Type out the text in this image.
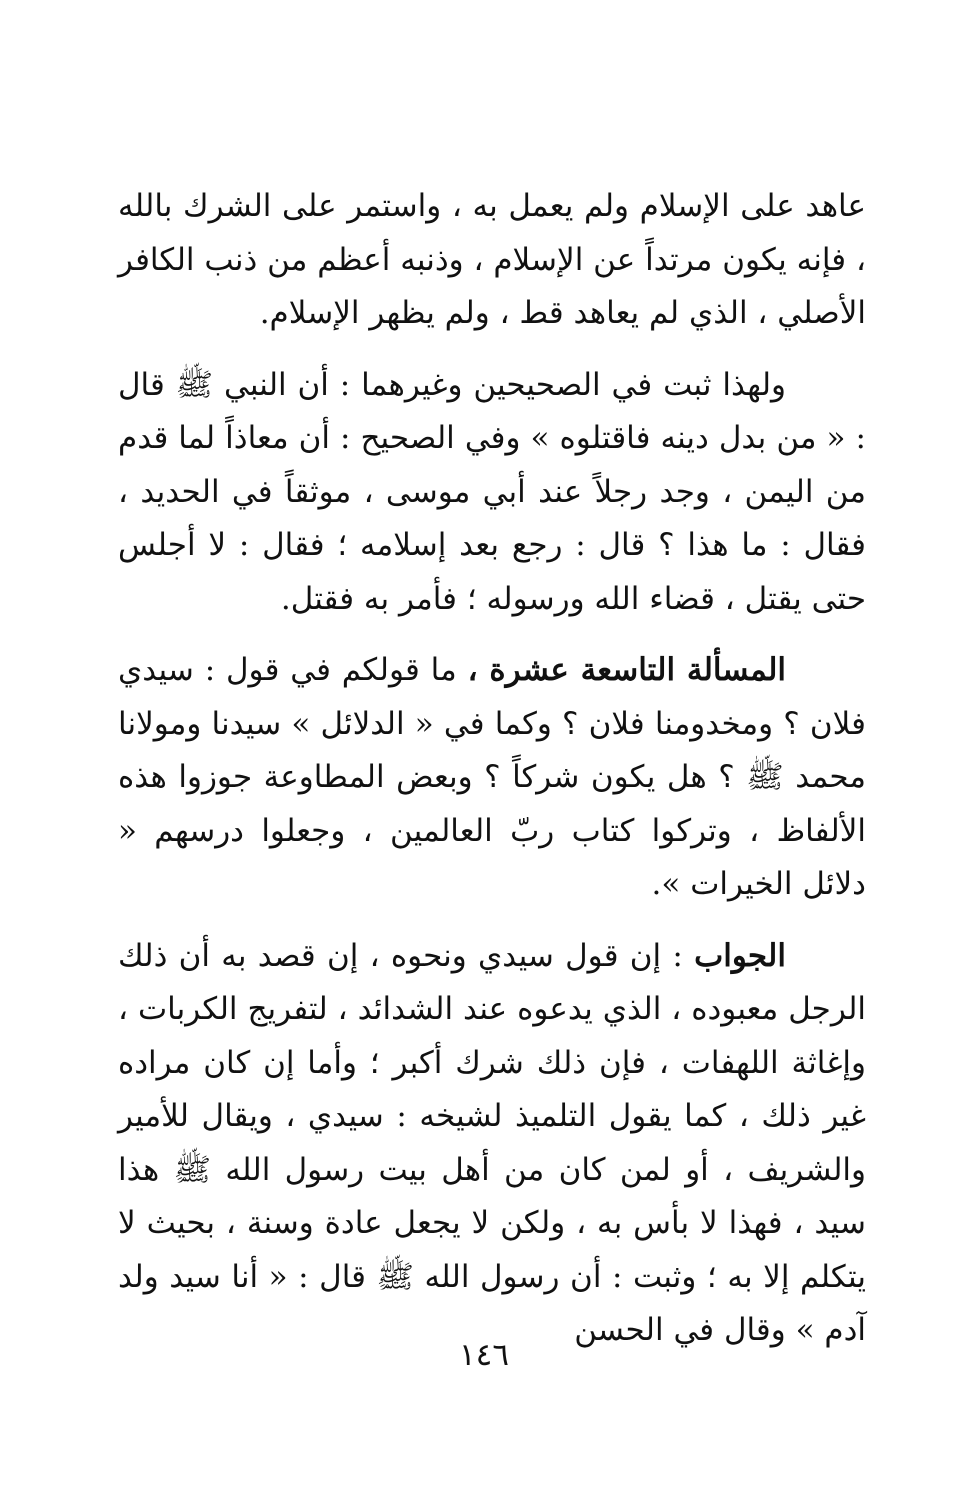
عاهد على الإسلام ولم يعمل به ، واستمر على الشرك بالله ، فإنه يكون مرتداً عن الإسلام ، وذنبه أعظم من ذنب الكافر الأصلي ، الذي لم يعاهد قط ، ولم يظهر الإسلام.

ولهذا ثبت في الصحيحين وغيرهما : أن النبي ﷺ قال : « من بدل دينه فاقتلوه » وفي الصحيح : أن معاذاً لما قدم من اليمن ، وجد رجلاً عند أبي موسى ، موثقاً في الحديد ، فقال : ما هذا ؟ قال : رجع بعد إسلامه ؛ فقال : لا أجلس حتى يقتل ، قضاء الله ورسوله ؛ فأمر به فقتل.

المسألة التاسعة عشرة ، ما قولكم في قول : سيدي فلان ؟ ومخدومنا فلان ؟ وكما في « الدلائل » سيدنا ومولانا محمد ﷺ ؟ هل يكون شركاً ؟ وبعض المطاوعة جوزوا هذه الألفاظ ، وتركوا كتاب ربّ العالمين ، وجعلوا درسهم « دلائل الخيرات ».

الجواب : إن قول سيدي ونحوه ، إن قصد به أن ذلك الرجل معبوده ، الذي يدعوه عند الشدائد ، لتفريج الكربات ، وإغاثة اللهفات ، فإن ذلك شرك أكبر ؛ وأما إن كان مراده غير ذلك ، كما يقول التلميذ لشيخه : سيدي ، ويقال للأمير والشريف ، أو لمن كان من أهل بيت رسول الله ﷺ هذا سيد ، فهذا لا بأس به ، ولكن لا يجعل عادة وسنة ، بحيث لا يتكلم إلا به ؛ وثبت : أن رسول الله ﷺ قال : « أنا سيد ولد آدم » وقال في الحسن

١٤٦
